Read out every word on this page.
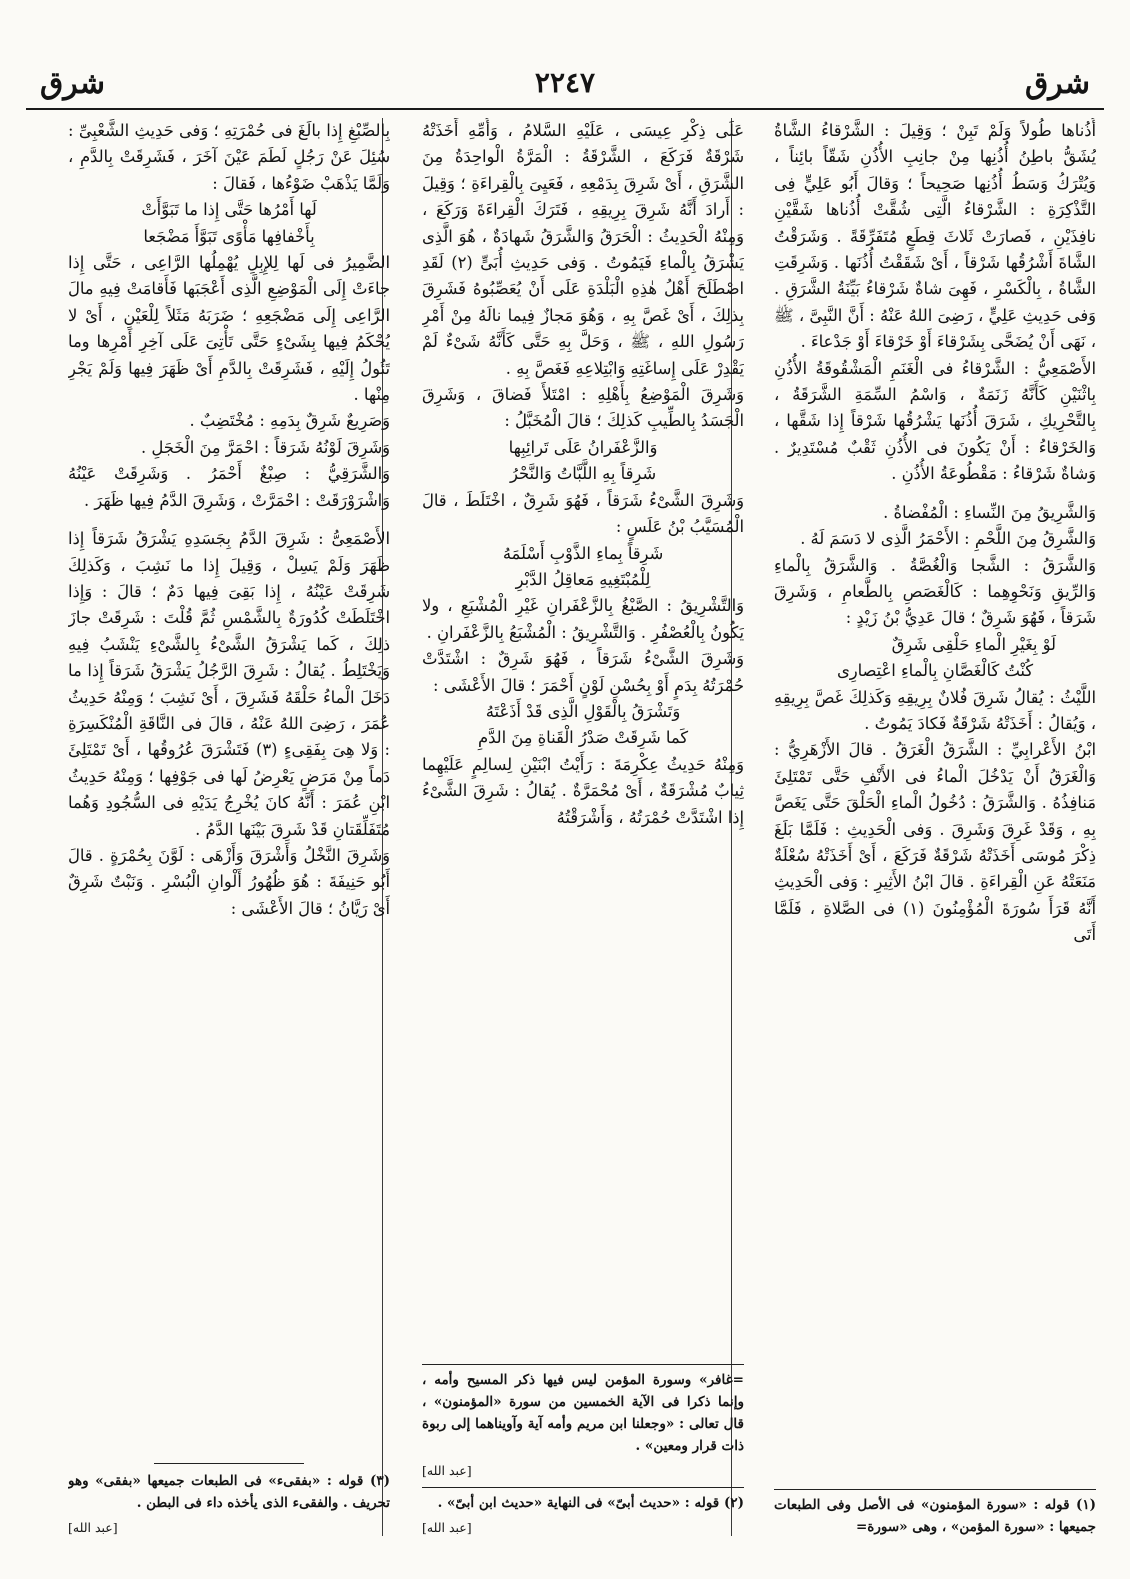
شرق
٢٢٤٧
شرق

أُذُناها طُولاً وَلَمْ تَبِنْ ؛ وَقِيلَ : الشَّرْقاءُ الشَّاةُ يُشَقُّ باطِنُ أُذُنِها مِنْ جانِبِ الأُذُنِ شَقّاً بائِناً ، وَيُتْرَكُ وَسَطُ أُذُنِها صَحِيحاً ؛ وَقالَ أَبُو عَلِيٍّ فِى التَّذْكِرَةِ : الشَّرْقاءُ الَّتِى شُقَّتْ أُذُناها شَقَّيْنِ نافِذَيْنِ ، فَصارَتْ ثَلاثَ قِطَعٍ مُتَفَرِّقَةً . وَشَرَقْتُ الشَّاةَ أَشْرُقُها شَرْقاً ، أَىْ شَقَقْتُ أُذُنَها . وَشَرِقَتِ الشَّاةُ ، بِالْكَسْرِ ، فَهِىَ شاةٌ شَرْقاءُ بَيِّنَةُ الشَّرَقِ . وَفى حَدِيثِ عَلِيٍّ ، رَضِىَ اللهُ عَنْهُ : أَنَّ النَّبِىَّ ، ﷺ ، نَهَى أَنْ يُضَحَّى بِشَرْقاءَ أَوْ خَرْقاءَ أَوْ جَدْعاءَ .

الأَصْمَعِيُّ : الشَّرْقاءُ فى الْغَنَمِ الْمَشْقُوقَةُ الأُذُنِ بِاثْنَيْنِ كَأَنَّهُ زَنَمَةٌ ، وَاسْمُ السِّمَةِ الشَّرَقَةُ ، بِالتَّحْرِيكِ ، شَرَقَ أُذُنَها يَشْرُقُها شَرْقاً إِذا شَقَّها ، وَالخَرْقاءُ : أَنْ يَكُونَ فى الأُذُنِ ثَقْبٌ مُسْتَدِيرٌ . وَشاةٌ شَرْقاءُ : مَقْطُوعَةُ الأُذُنِ .

وَالشَّرِيقُ مِنَ النِّساءِ : الْمُفْضاةُ .

وَالشَّرِقُ مِنَ اللَّحْمِ : الأَحْمَرُ الَّذِى لا دَسَمَ لَهُ .

وَالشَّرَقُ : الشَّجا وَالْغُصَّةُ . وَالشَّرَقُ بِالْماءِ وَالرِّيقِ وَنَحْوِهِما : كَالْغَصَصِ بِالطَّعامِ ، وَشَرِقَ شَرَقاً ، فَهُوَ شَرِقٌ ؛ قالَ عَدِيُّ بْنُ زَيْدٍ :

لَوْ بِغَيْرِ الْماءِ حَلْقِى شَرِقٌ

كُنْتُ كَالْغَصَّانِ بِالْماءِ اعْتِصارِى

اللَّيْثُ : يُقالُ شَرِقَ فُلانٌ بِرِيقِهِ وَكَذلِكَ غَصَّ بِرِيقِهِ ، وَيُقالُ : أَخَذَتْهُ شَرْقَةٌ فَكادَ يَمُوتُ .

ابْنُ الأَعْرابِيِّ : الشَّرَقُ الْغَرَقُ . قالَ الأَزْهَرِيُّ : وَالْغَرَقُ أَنْ يَدْخُلَ الْماءُ فى الأَنْفِ حَتَّى تَمْتَلِئَ مَنافِذُهُ . وَالشَّرَقُ : دُخُولُ الْماءِ الْحَلْقَ حَتَّى يَغَصَّ بِهِ ، وَقَدْ غَرِقَ وَشَرِقَ . وَفى الْحَدِيثِ : فَلَمَّا بَلَغَ ذِكْرَ مُوسَى أَخَذَتْهُ شَرْقَةٌ فَرَكَعَ ، أَىْ أَخَذَتْهُ سُعْلَةٌ مَنَعَتْهُ عَنِ الْقِراءَةِ . قالَ ابْنُ الأَثِيرِ : وَفى الْحَدِيثِ أَنَّهُ قَرَأَ سُورَةَ الْمُؤْمِنُونَ (١) فى الصَّلاةِ ، فَلَمَّا أَتَى

(١) قوله : «سورة المؤمنون» فى الأصل وفى الطبعات جميعها : «سورة المؤمن» ، وهى «سورة=

عَلَى ذِكْرِ عِيسَى ، عَلَيْهِ السَّلامُ ، وَأُمِّهِ أَخَذَتْهُ شَرْقَةٌ فَرَكَعَ ، الشَّرْقَةُ : الْمَرَّةُ الْواحِدَةُ مِنَ الشَّرَقِ ، أَىْ شَرِقَ بِدَمْعِهِ ، فَعَيِىَ بِالْقِراءَةِ ؛ وَقِيلَ : أَرادَ أَنَّهُ شَرِقَ بِرِيقِهِ ، فَتَرَكَ الْقِراءَةَ وَرَكَعَ ، وَمِنْهُ الْحَدِيثُ : الْحَرَقُ وَالشَّرَقُ شَهادَةٌ ، هُوَ الَّذِى يَشْرَقُ بِالْماءِ فَيَمُوتُ . وَفى حَدِيثِ أُبَىٍّ (٢) لَقَدِ اصْطَلَحَ أَهْلُ هٰذِهِ الْبَلْدَةِ عَلَى أَنْ يُعَصِّبُوهُ فَشَرِقَ بِذلِكَ ، أَىْ غَصَّ بِهِ ، وَهُوَ مَجازٌ فِيما نالَهُ مِنْ أَمْرِ رَسُولِ اللهِ ، ﷺ ، وَحَلَّ بِهِ حَتَّى كَأَنَّهُ شَىْءٌ لَمْ يَقْدِرْ عَلَى إِساغَتِهِ وَابْتِلاعِهِ فَغَصَّ بِهِ .

وَشَرِقَ الْمَوْضِعُ بِأَهْلِهِ : امْتَلأَ فَضاقَ ، وَشَرِقَ الْجَسَدُ بِالطِّيبِ كَذلِكَ ؛ قالَ الْمُخَبَّلُ :

وَالزَّعْفَرانُ عَلَى تَرائِبِها

شَرِقاً بِهِ اللَّبَّاتُ وَالنَّحْرُ

وَشَرِقَ الشَّىْءُ شَرَقاً ، فَهُوَ شَرِقٌ ، اخْتَلَطَ ، قالَ الْمُسَيَّبُ بْنُ عَلَسٍ :

شَرِقاً بِماءِ الذَّوْبِ أَسْلَمَهُ

لِلْمُبْتَغِيهِ مَعاقِلُ الدَّبْرِ

وَالتَّشْرِيقُ : الصَّبْغُ بِالزَّعْفَرانِ غَيْرِ الْمُشْبَعِ ، ولا يَكُونُ بِالْعُصْفُرِ . وَالتَّشْرِيقُ : الْمُشْبَعُ بِالزَّعْفَرانِ .

وَشَرِقَ الشَّىْءُ شَرَقاً ، فَهُوَ شَرِقٌ : اشْتَدَّتْ حُمْرَتُهُ بِدَمٍ أَوْ بِحُسْنِ لَوْنٍ أَحْمَرَ ؛ قالَ الأَعْشَى :

وَتَشْرَقُ بِالْقَوْلِ الَّذِى قَدْ أَذَعْتَهُ

كَما شَرِقَتْ صَدْرُ الْقَناةِ مِنَ الدَّمِ

وَمِنْهُ حَدِيثُ عِكْرِمَةَ : رَأَيْتُ ابْنَيْنِ لِسالِمٍ عَلَيْهِما ثِيابٌ مُشْرَقَةٌ ، أَىْ مُحْمَرَّةٌ . يُقالُ : شَرِقَ الشَّىْءُ إِذا اشْتَدَّتْ حُمْرَتُهُ ، وَأَشْرَقْتُهُ

=غافر» وسورة المؤمن ليس فيها ذكر المسيح وأمه ، وإنما ذكرا فى الآية الخمسين من سورة «المؤمنون» ، قال تعالى : «وجعلنا ابن مريم وأمه آية وآويناهما إلى ربوة ذات قرار ومعين» .
[عبد الله]
(٢) قوله : «حديث أبىّ» فى النهاية «حديث ابن أبىّ» .
[عبد الله]

بِالصِّبْغِ إِذا بالَغَ فى حُمْرَتِهِ ؛ وَفى حَدِيثِ الشَّعْبِىِّ : سُئِلَ عَنْ رَجُلٍ لَطَمَ عَيْنَ آخَرَ ، فَشَرِقَتْ بِالدَّمِ ، وَلَمَّا يَذْهَبْ ضَوْءُها ، فَقالَ :

لَها أَمْرُها حَتَّى إِذا ما تَبَوَّأَتْ

بِأَخْفافِها مَأْوًى تَبَوَّأَ مَضْجَعا

الضَّمِيرُ فى لَها لِلإِبِلِ يُهْمِلُها الرَّاعِى ، حَتَّى إِذا جاءَتْ إِلَى الْمَوْضِعِ الَّذِى أَعْجَبَها فَأَقامَتْ فِيهِ مالَ الرَّاعِى إِلَى مَضْجَعِهِ ؛ ضَرَبَهُ مَثَلاً لِلْعَيْنِ ، أَىْ لا يُحْكَمُ فِيها بِشَىْءٍ حَتَّى تَأْتِىَ عَلَى آخِرِ أَمْرِها وما تَئُولُ إِلَيْهِ ، فَشَرِقَتْ بِالدَّمِ أَىْ ظَهَرَ فِيها وَلَمْ يَجْرِ مِنْها .

وَصَرِيعٌ شَرِقٌ بِدَمِهِ : مُخْتَضِبٌ .

وَشَرِقَ لَوْنُهُ شَرَقاً : احْمَرَّ مِنَ الْخَجَلِ .

وَالشَّرَقِيُّ : صِبْغٌ أَحْمَرُ . وَشَرِقَتْ عَيْنُهُ وَاشْرَوْرَقَتْ : احْمَرَّتْ ، وَشَرِقَ الدَّمُ فِيها ظَهَرَ .

الأَصْمَعِىُّ : شَرِقَ الدَّمُ بِجَسَدِهِ يَشْرَقُ شَرَقاً إِذا ظَهَرَ وَلَمْ يَسِلْ ، وَقِيلَ إِذا ما نَشِبَ ، وَكَذلِكَ شَرِقَتْ عَيْنُهُ ، إِذا بَقِىَ فِيها دَمٌ ؛ قالَ : وَإِذا اخْتَلَطَتْ كُدُورَةٌ بِالشَّمْسِ ثُمَّ قُلْتَ : شَرِقَتْ جازَ ذلِكَ ، كَما يَشْرَقُ الشَّىْءُ بِالشَّىْءِ يَنْشَبُ فِيهِ وَيَخْتَلِطُ . يُقالُ : شَرِقَ الرَّجُلُ يَشْرَقُ شَرَقاً إِذا ما دَخَلَ الْماءُ حَلْقَهُ فَشَرِقَ ، أَىْ نَشِبَ ؛ وَمِنْهُ حَدِيثُ عُمَرَ ، رَضِىَ اللهُ عَنْهُ ، قالَ فى النَّاقَةِ الْمُنْكَسِرَةِ : وَلا هِىَ بِفَقِىءٍ (٣) فَتَشْرَقَ عُرُوقُها ، أَىْ تَمْتَلِئَ دَماً مِنْ مَرَضٍ يَعْرِضُ لَها فى جَوْفِها ؛ وَمِنْهُ حَدِيثُ ابْنِ عُمَرَ : أَنَّهُ كانَ يُخْرِجُ يَدَيْهِ فى السُّجُودِ وَهُما مُتَفَلِّقَتانِ قَدْ شَرِقَ بَيْنَها الدَّمُ .

وَشَرِقَ النَّخْلُ وَأَشْرَقَ وَأَزْهَى : لَوَّنَ بِحُمْرَةٍ . قالَ أَبُو حَنِيفَةَ : هُوَ ظُهُورُ أَلْوانِ الْبُسْرِ . وَنَبْتٌ شَرِقٌ أَىْ رَيَّانُ ؛ قالَ الأَعْشَى :

(٣) قوله : «بفقىء» فى الطبعات جميعها «بفقى» وهو تحريف . والفقىء الذى يأخذه داء فى البطن .
[عبد الله]
